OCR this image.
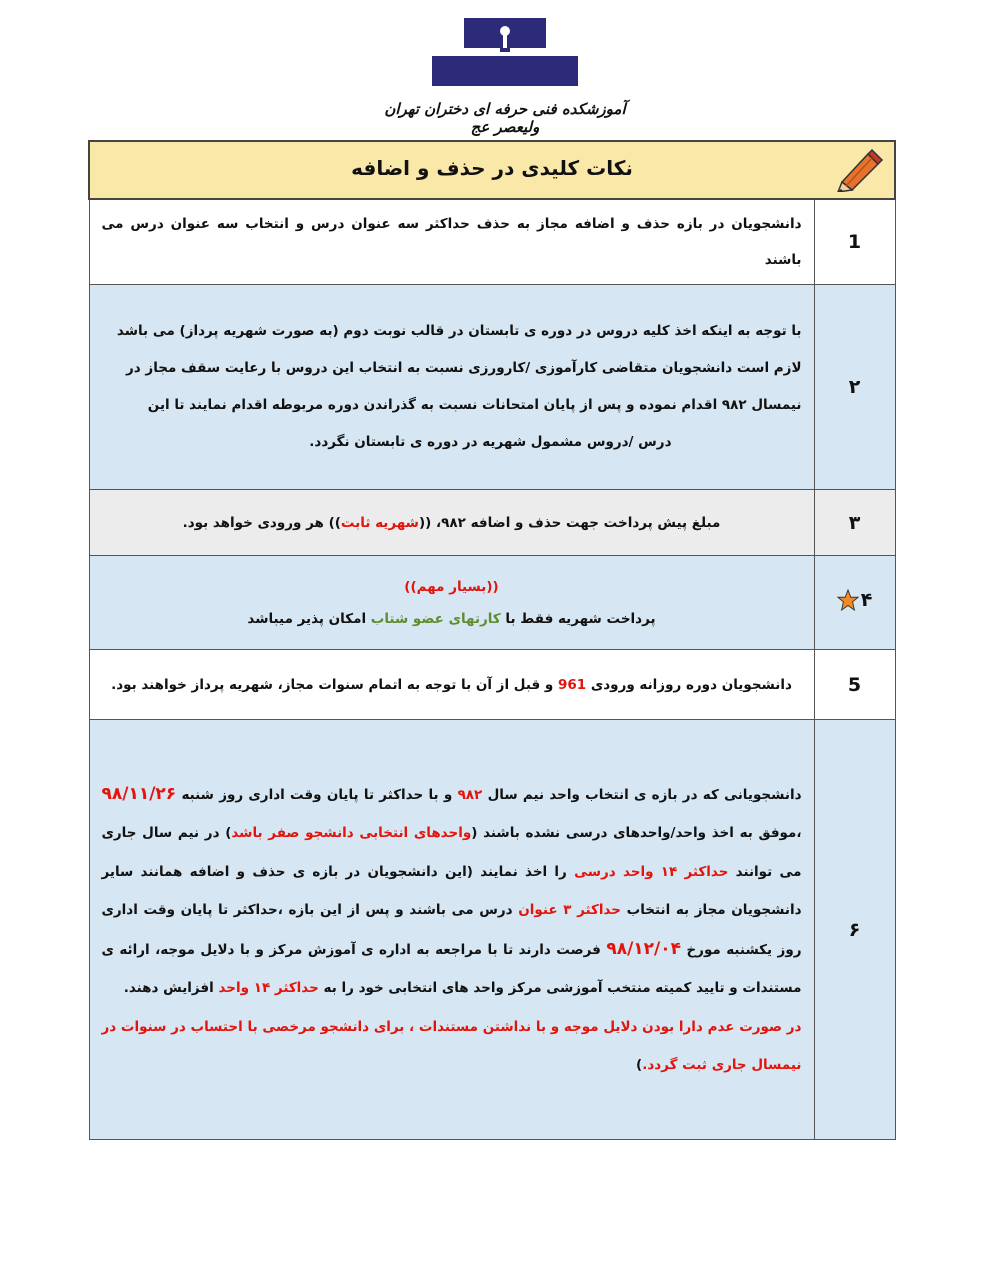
آموزشکده فنی حرفه ای دختران تهران ولیعصر عج
نکات کلیدی در حذف و اضافه	

1	دانشجویان در بازه حذف و اضافه مجاز به حذف حداکثر سه عنوان درس و انتخاب سه عنوان درس می باشند
۲	با توجه به اینکه اخذ کلیه دروس در دوره ی تابستان در قالب نوبت دوم (به صورت شهریه پرداز) می باشد
لازم است دانشجویان متقاضی کارآموزی /کارورزی نسبت به انتخاب این دروس با رعایت سقف مجاز در
نیمسال ۹۸۲ اقدام نموده و پس از پایان امتحانات نسبت به گذراندن دوره مربوطه اقدام نمایند تا این
درس /دروس مشمول شهریه در دوره ی تابستان نگردد.

۳	مبلغ پیش پرداخت جهت حذف و اضافه ۹۸۲، ((شهریه ثابت)) هر ورودی خواهد بود.

۴	((بسیار مهم))
پرداخت شهریه فقط با کارتهای عضو شتاب امکان پذیر میباشد

5	دانشجویان دوره روزانه ورودی 961 و قبل از آن با توجه به اتمام سنوات مجاز، شهریه پرداز خواهند بود.
۶	دانشجویانی که در بازه ی انتخاب واحد نیم سال ۹۸۲ و با حداکثر تا پایان وقت اداری روز شنبه ۹۸/۱۱/۲۶ ،موفق به اخذ واحد/واحدهای درسی نشده باشند (واحدهای انتخابی دانشجو صفر باشد) در نیم سال جاری می توانند حداکثر ۱۴ واحد درسی را اخذ نمایند (این دانشجویان در بازه ی حذف و اضافه همانند سایر دانشجویان مجاز به انتخاب حداکثر ۳ عنوان درس می باشند و پس از این بازه ،حداکثر تا پایان وقت اداری روز یکشنبه مورخ ۹۸/۱۲/۰۴ فرصت دارند تا با مراجعه به اداره ی آموزش مرکز و با دلایل موجه، ارائه ی مستندات و تایید کمیته منتخب آموزشی مرکز واحد های انتخابی خود را به حداکثر ۱۴ واحد افزایش دهند.
در صورت عدم دارا بودن دلایل موجه و با نداشتن مستندات ، برای دانشجو مرخصی با احتساب در سنوات در نیمسال جاری ثبت گردد.)
